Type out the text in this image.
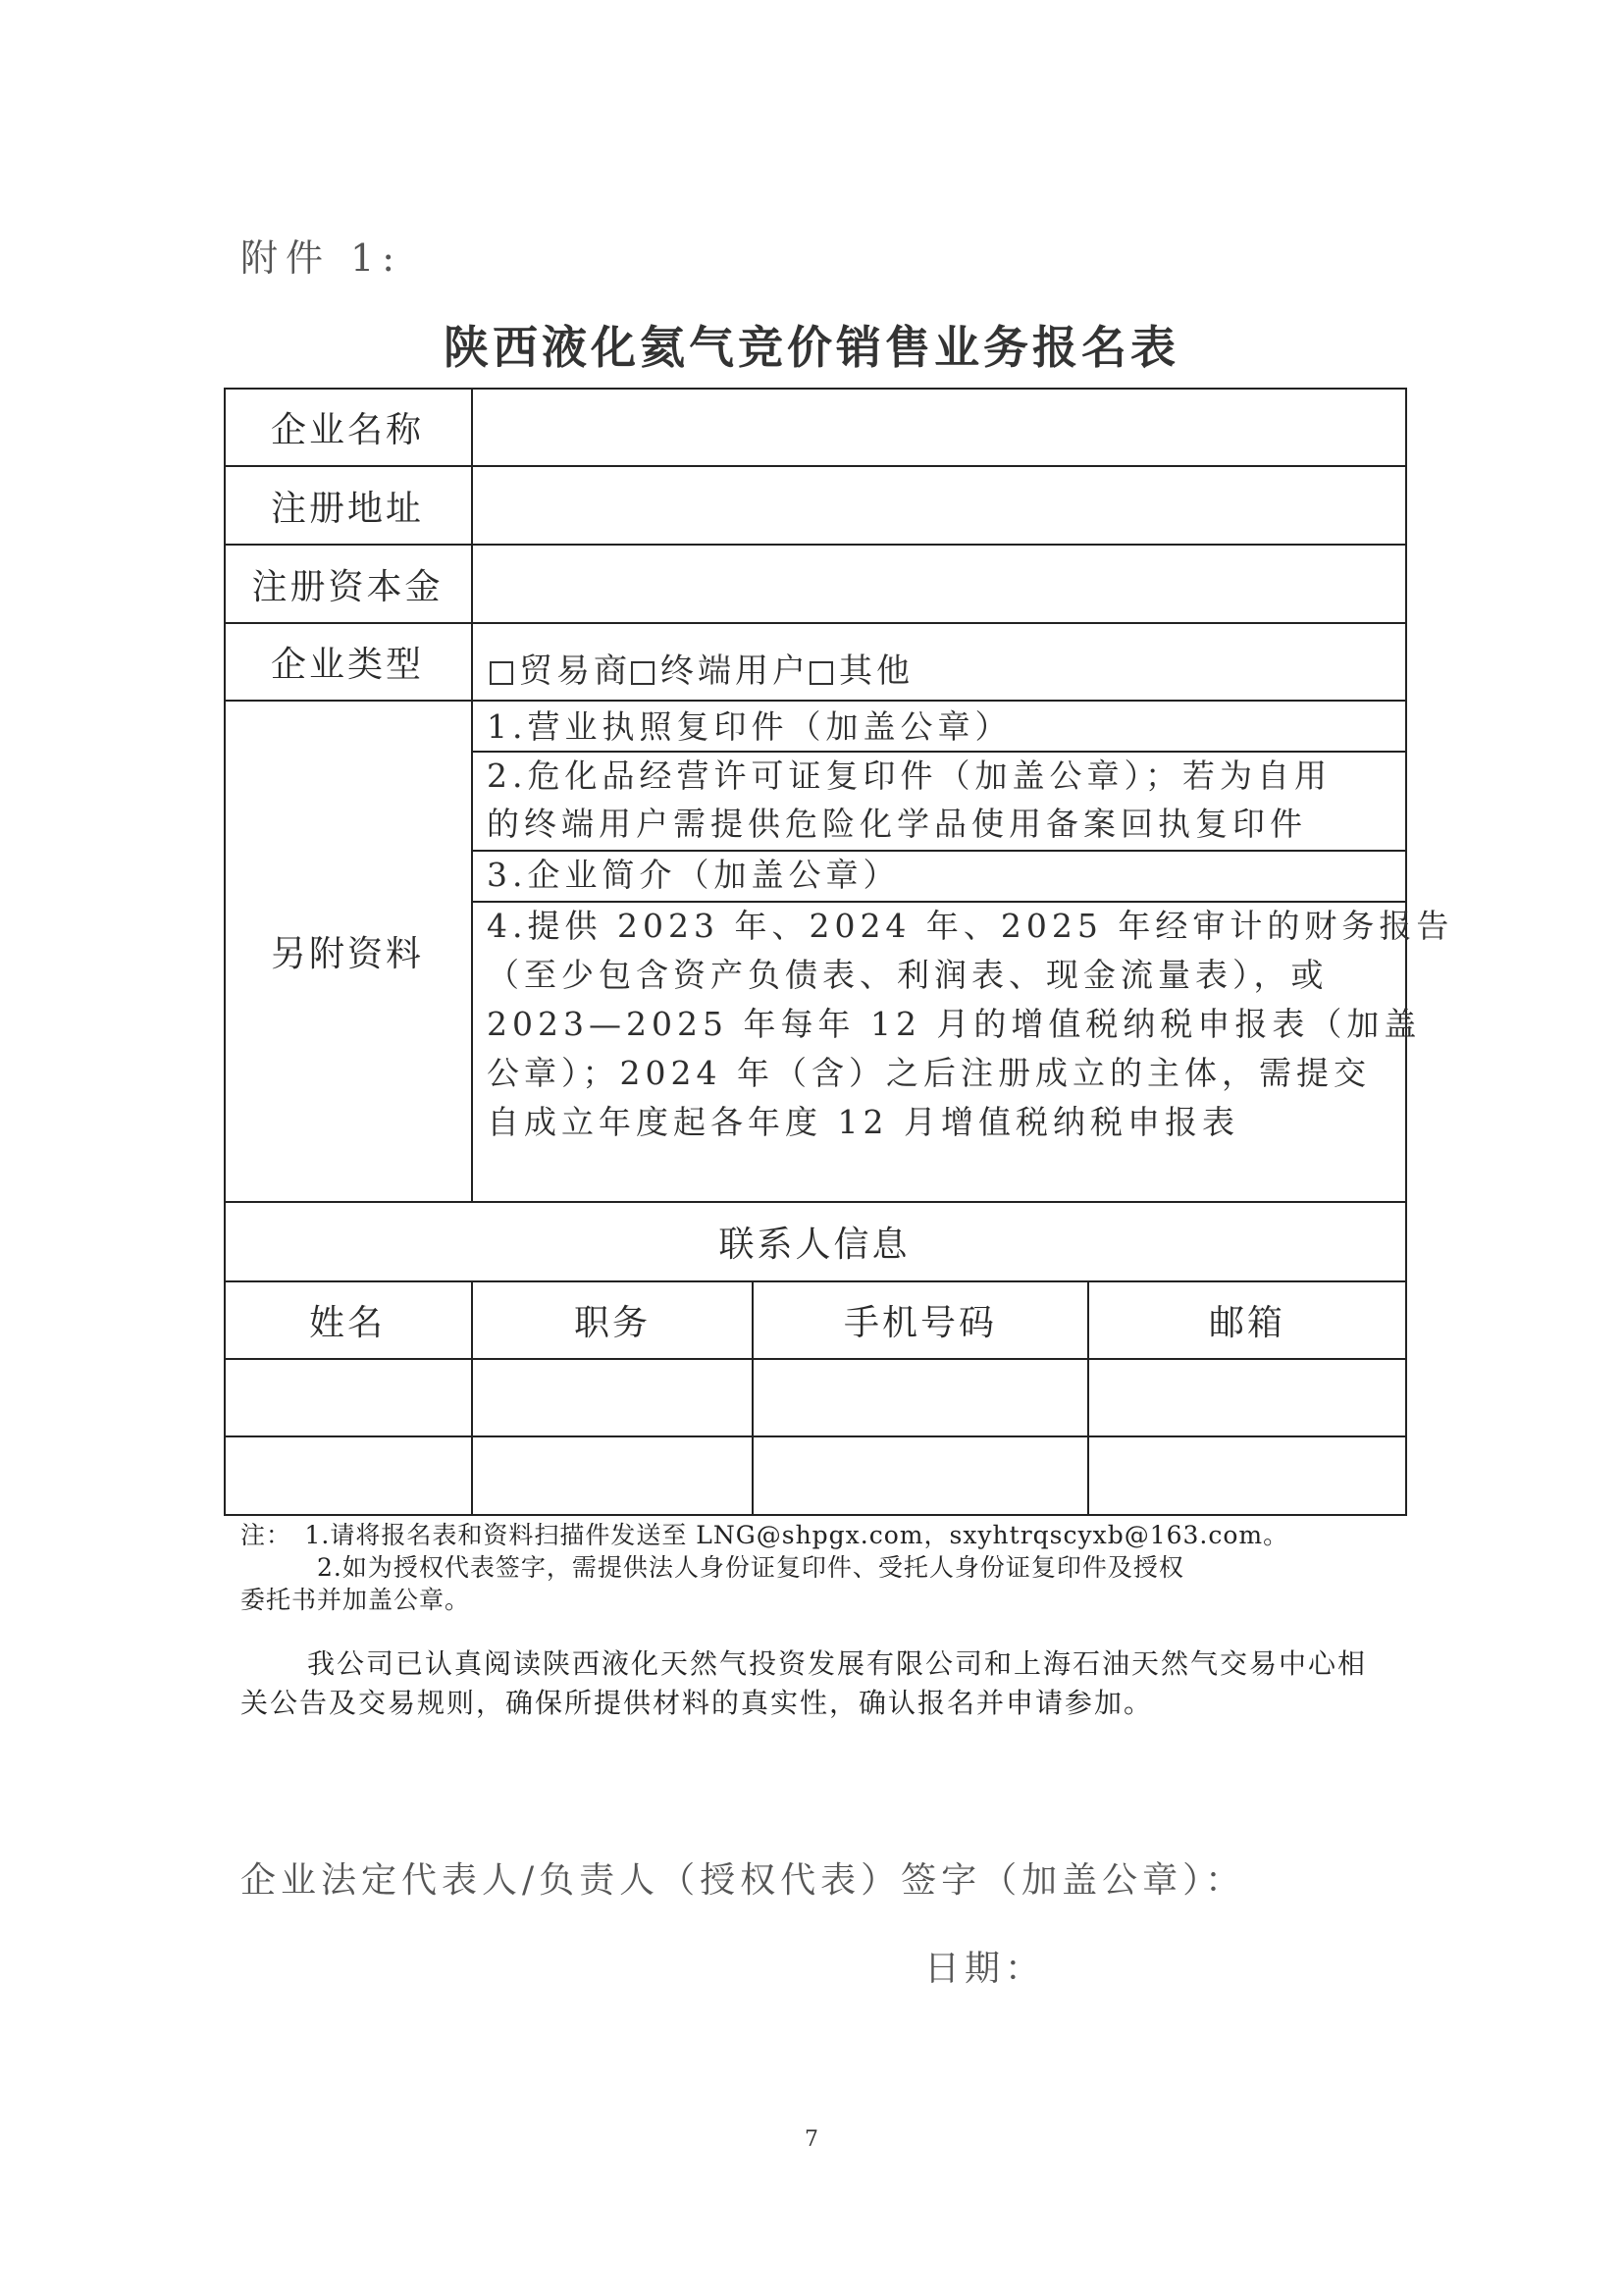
附件 1:
陕西液化氦气竞价销售业务报名表
企业名称
注册地址
注册资本金
企业类型	贸易商 终端用户 其他
另附资料
1.营业执照复印件（加盖公章）
2.危化品经营许可证复印件（加盖公章）；若为自用
的终端用户需提供危险化学品使用备案回执复印件
3.企业简介（加盖公章）
4.提供 2023 年、2024 年、2025 年经审计的财务报告
（至少包含资产负债表、利润表、现金流量表），或
2023—2025 年每年 12 月的增值税纳税申报表（加盖
公章）；2024 年（含）之后注册成立的主体，需提交
自成立年度起各年度 12 月增值税纳税申报表
联系人信息
姓名	职务	手机号码	邮箱
注：　1.请将报名表和资料扫描件发送至 LNG@shpgx.com，sxyhtrqscyxb@163.com。
　　　2.如为授权代表签字，需提供法人身份证复印件、受托人身份证复印件及授权
委托书并加盖公章。
我公司已认真阅读陕西液化天然气投资发展有限公司和上海石油天然气交易中心相关公告及交易规则，确保所提供材料的真实性，确认报名并申请参加。
企业法定代表人/负责人（授权代表）签字（加盖公章）：
日期：
7
